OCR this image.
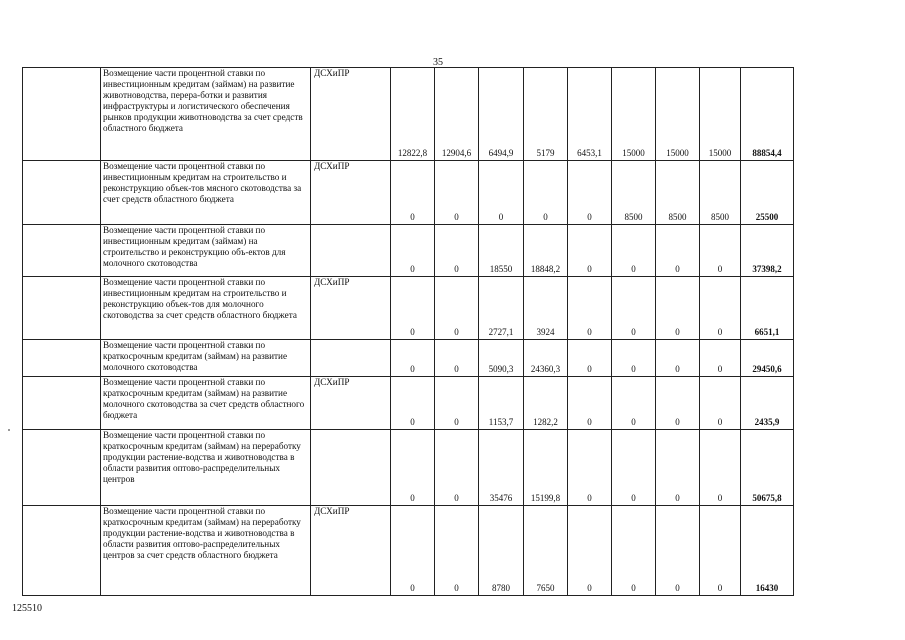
35
	Возмещение части процентной ставки по инвестиционным кредитам (займам) на развитие животноводства, перера-ботки и развития инфраструктуры и логистического обеспечения рынков продукции животноводства за счет средств областного бюджета	ДСХиПР	12822,8	12904,6	6494,9	5179	6453,1	15000	15000	15000	88854,4
	Возмещение части процентной ставки по инвестиционным кредитам на строительство и реконструкцию объек-тов мясного скотоводства за счет средств областного бюджета	ДСХиПР	0	0	0	0	0	8500	8500	8500	25500
	Возмещение части процентной ставки по инвестиционным кредитам (займам) на строительство и реконструкцию объ-ектов для молочного скотоводства		0	0	18550	18848,2	0	0	0	0	37398,2
	Возмещение части процентной ставки по инвестиционным кредитам на строительство и реконструкцию объек-тов для молочного скотоводства за счет средств областного бюджета	ДСХиПР	0	0	2727,1	3924	0	0	0	0	6651,1
	Возмещение части процентной ставки по краткосрочным кредитам (займам) на развитие молочного скотоводства		0	0	5090,3	24360,3	0	0	0	0	29450,6
	Возмещение части процентной ставки по краткосрочным кредитам (займам) на развитие молочного скотоводства за счет средств областного бюджета	ДСХиПР	0	0	1153,7	1282,2	0	0	0	0	2435,9
	Возмещение части процентной ставки по краткосрочным кредитам (займам) на переработку продукции растение-водства и животноводства в области развития оптово-распределительных центров		0	0	35476	15199,8	0	0	0	0	50675,8
	Возмещение части процентной ставки по краткосрочным кредитам (займам) на переработку продукции растение-водства и животноводства в области развития оптово-распределительных центров за счет средств областного бюджета	ДСХиПР	0	0	8780	7650	0	0	0	0	16430
125510
